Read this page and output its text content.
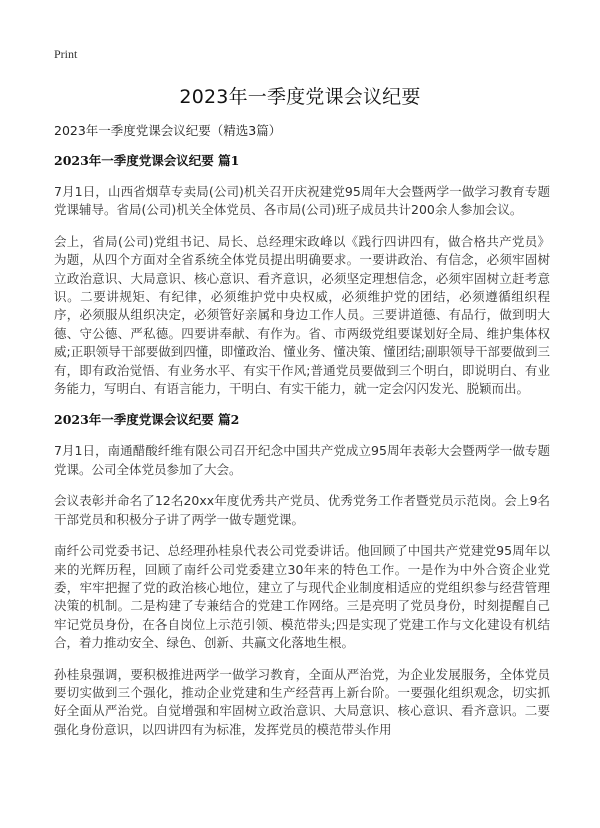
Print
2023年一季度党课会议纪要

2023年一季度党课会议纪要（精选3篇）

2023年一季度党课会议纪要 篇1

7月1日，山西省烟草专卖局(公司)机关召开庆祝建党95周年大会暨两学一做学习教育专题党课辅导。省局(公司)机关全体党员、各市局(公司)班子成员共计200余人参加会议。

会上，省局(公司)党组书记、局长、总经理宋政峰以《践行四讲四有，做合格共产党员》为题，从四个方面对全省系统全体党员提出明确要求。一要讲政治、有信念，必须牢固树立政治意识、大局意识、核心意识、看齐意识，必须坚定理想信念，必须牢固树立赶考意识。二要讲规矩、有纪律，必须维护党中央权威，必须维护党的团结，必须遵循组织程序，必须服从组织决定，必须管好亲属和身边工作人员。三要讲道德、有品行，做到明大德、守公德、严私德。四要讲奉献、有作为。省、市两级党组要谋划好全局、维护集体权威;正职领导干部要做到四懂，即懂政治、懂业务、懂决策、懂团结;副职领导干部要做到三有，即有政治觉悟、有业务水平、有实干作风;普通党员要做到三个明白，即说明白、有业务能力，写明白、有语言能力，干明白、有实干能力，就一定会闪闪发光、脱颖而出。

2023年一季度党课会议纪要 篇2

7月1日，南通醋酸纤维有限公司召开纪念中国共产党成立95周年表彰大会暨两学一做专题党课。公司全体党员参加了大会。

会议表彰并命名了12名20xx年度优秀共产党员、优秀党务工作者暨党员示范岗。会上9名干部党员和积极分子讲了两学一做专题党课。

南纤公司党委书记、总经理孙桂泉代表公司党委讲话。他回顾了中国共产党建党95周年以来的光辉历程，回顾了南纤公司党委建立30年来的特色工作。一是作为中外合资企业党委，牢牢把握了党的政治核心地位，建立了与现代企业制度相适应的党组织参与经营管理决策的机制。二是构建了专兼结合的党建工作网络。三是亮明了党员身份，时刻提醒自己牢记党员身份，在各自岗位上示范引领、模范带头;四是实现了党建工作与文化建设有机结合，着力推动安全、绿色、创新、共赢文化落地生根。

孙桂泉强调，要积极推进两学一做学习教育，全面从严治党，为企业发展服务，全体党员要切实做到三个强化，推动企业党建和生产经营再上新台阶。一要强化组织观念，切实抓好全面从严治党。自觉增强和牢固树立政治意识、大局意识、核心意识、看齐意识。二要强化身份意识，以四讲四有为标准，发挥党员的模范带头作用
